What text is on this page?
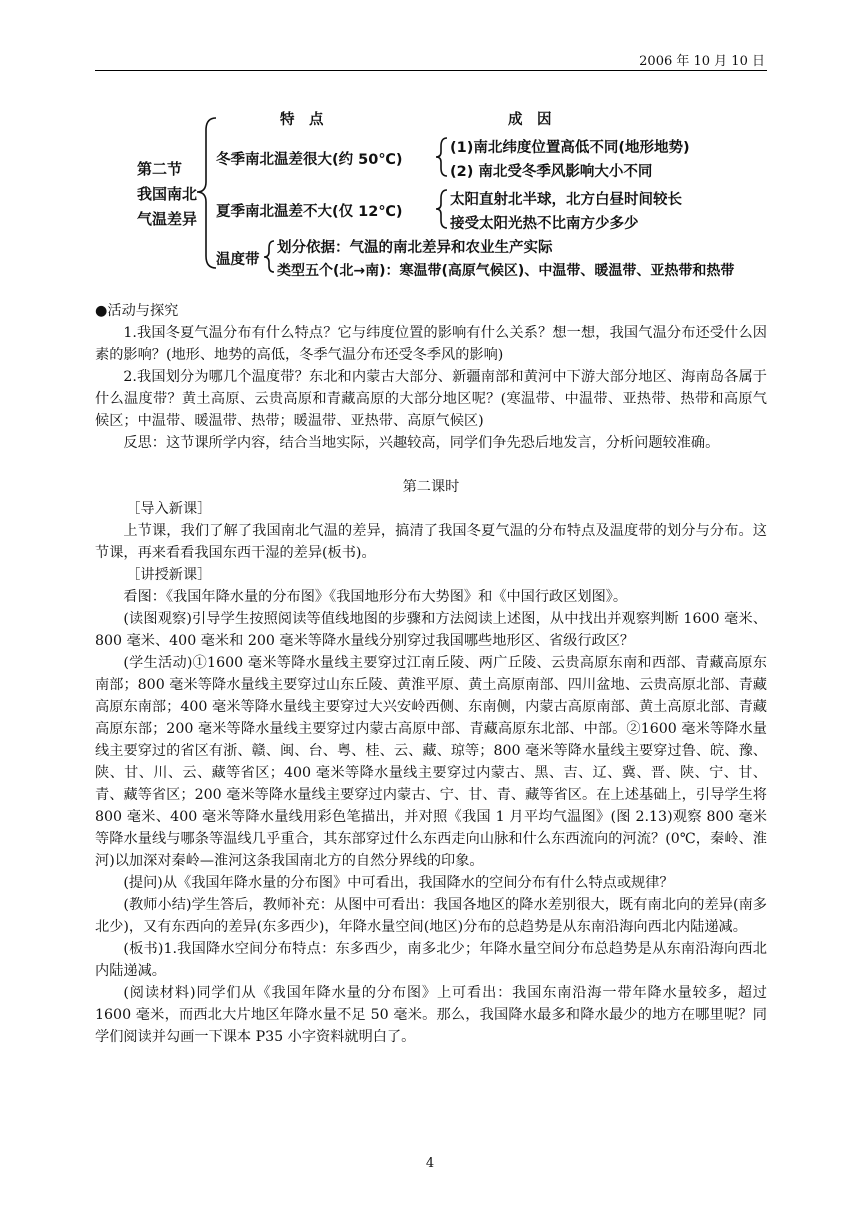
2006 年 10 月 10 日
特　点	成　因
第二节
我国南北
气温差异
冬季南北温差很大(约 50℃)
(1)南北纬度位置高低不同(地形地势)
(2) 南北受冬季风影响大小不同
夏季南北温差不大(仅 12℃)
太阳直射北半球，北方白昼时间较长
接受太阳光热不比南方少多少
温度带
划分依据：气温的南北差异和农业生产实际
类型五个(北→南)：寒温带(高原气候区)、中温带、暖温带、亚热带和热带

●活动与探究

1.我国冬夏气温分布有什么特点？它与纬度位置的影响有什么关系？想一想，我国气温分布还受什么因素的影响？(地形、地势的高低，冬季气温分布还受冬季风的影响)

2.我国划分为哪几个温度带？东北和内蒙古大部分、新疆南部和黄河中下游大部分地区、海南岛各属于什么温度带？黄土高原、云贵高原和青藏高原的大部分地区呢？(寒温带、中温带、亚热带、热带和高原气候区；中温带、暖温带、热带；暖温带、亚热带、高原气候区)

反思：这节课所学内容，结合当地实际，兴趣较高，同学们争先恐后地发言，分析问题较准确。

第二课时

［导入新课］

上节课，我们了解了我国南北气温的差异，搞清了我国冬夏气温的分布特点及温度带的划分与分布。这节课，再来看看我国东西干湿的差异(板书)。

［讲授新课］

看图：《我国年降水量的分布图》《我国地形分布大势图》和《中国行政区划图》。

(读图观察)引导学生按照阅读等值线地图的步骤和方法阅读上述图，从中找出并观察判断 1600 毫米、800 毫米、400 毫米和 200 毫米等降水量线分别穿过我国哪些地形区、省级行政区？

(学生活动)①1600 毫米等降水量线主要穿过江南丘陵、两广丘陵、云贵高原东南和西部、青藏高原东南部；800 毫米等降水量线主要穿过山东丘陵、黄淮平原、黄土高原南部、四川盆地、云贵高原北部、青藏高原东南部；400 毫米等降水量线主要穿过大兴安岭西侧、东南侧，内蒙古高原南部、黄土高原北部、青藏高原东部；200 毫米等降水量线主要穿过内蒙古高原中部、青藏高原东北部、中部。②1600 毫米等降水量线主要穿过的省区有浙、赣、闽、台、粤、桂、云、藏、琼等；800 毫米等降水量线主要穿过鲁、皖、豫、陕、甘、川、云、藏等省区；400 毫米等降水量线主要穿过内蒙古、黑、吉、辽、冀、晋、陕、宁、甘、青、藏等省区；200 毫米等降水量线主要穿过内蒙古、宁、甘、青、藏等省区。在上述基础上，引导学生将 800 毫米、400 毫米等降水量线用彩色笔描出，并对照《我国 1 月平均气温图》(图 2.13)观察 800 毫米等降水量线与哪条等温线几乎重合，其东部穿过什么东西走向山脉和什么东西流向的河流？(0℃，秦岭、淮河)以加深对秦岭—淮河这条我国南北方的自然分界线的印象。

(提问)从《我国年降水量的分布图》中可看出，我国降水的空间分布有什么特点或规律？

(教师小结)学生答后，教师补充：从图中可看出：我国各地区的降水差别很大，既有南北向的差异(南多北少)，又有东西向的差异(东多西少)，年降水量空间(地区)分布的总趋势是从东南沿海向西北内陆递减。

(板书)1.我国降水空间分布特点：东多西少，南多北少；年降水量空间分布总趋势是从东南沿海向西北内陆递减。

(阅读材料)同学们从《我国年降水量的分布图》上可看出：我国东南沿海一带年降水量较多，超过 1600 毫米，而西北大片地区年降水量不足 50 毫米。那么，我国降水最多和降水最少的地方在哪里呢？同学们阅读并勾画一下课本 P35 小字资料就明白了。

4
